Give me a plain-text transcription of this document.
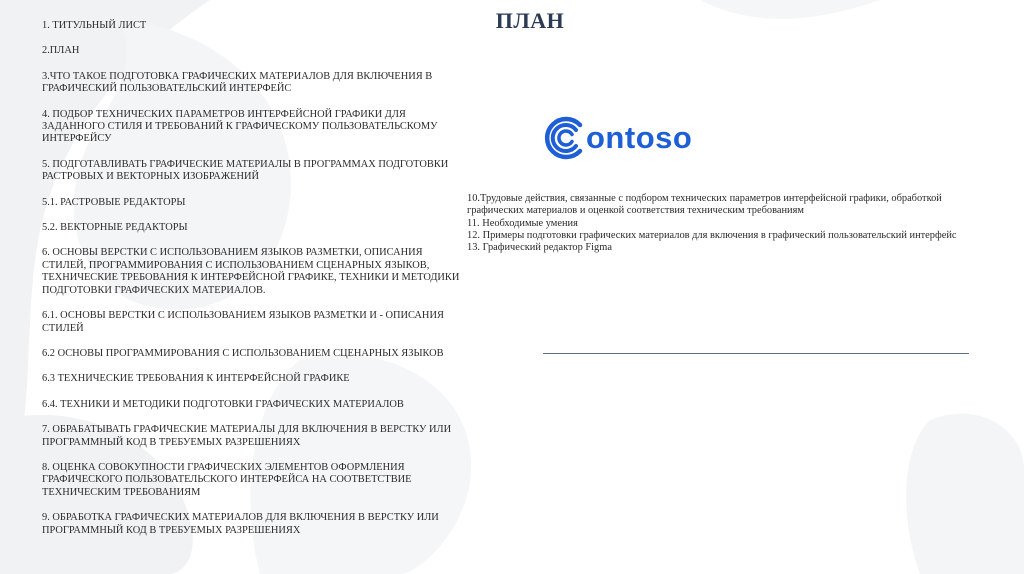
ПЛАН
1. ТИТУЛЬНЫЙ ЛИСТ
2.ПЛАН
3.ЧТО ТАКОЕ ПОДГОТОВКА ГРАФИЧЕСКИХ МАТЕРИАЛОВ ДЛЯ ВКЛЮЧЕНИЯ В ГРАФИЧЕСКИЙ ПОЛЬЗОВАТЕЛЬСКИЙ ИНТЕРФЕЙС
4. ПОДБОР ТЕХНИЧЕСКИХ ПАРАМЕТРОВ ИНТЕРФЕЙСНОЙ ГРАФИКИ ДЛЯ ЗАДАННОГО СТИЛЯ И ТРЕБОВАНИЙ К ГРАФИЧЕСКОМУ ПОЛЬЗОВАТЕЛЬСКОМУ ИНТЕРФЕЙСУ
5. ПОДГОТАВЛИВАТЬ ГРАФИЧЕСКИЕ МАТЕРИАЛЫ В ПРОГРАММАХ ПОДГОТОВКИ РАСТРОВЫХ И ВЕКТОРНЫХ ИЗОБРАЖЕНИЙ
5.1. РАСТРОВЫЕ РЕДАКТОРЫ
5.2. ВЕКТОРНЫЕ РЕДАКТОРЫ
6. ОСНОВЫ ВЕРСТКИ С ИСПОЛЬЗОВАНИЕМ ЯЗЫКОВ РАЗМЕТКИ, ОПИСАНИЯ СТИЛЕЙ, ПРОГРАММИРОВАНИЯ С ИСПОЛЬЗОВАНИЕМ СЦЕНАРНЫХ ЯЗЫКОВ, ТЕХНИЧЕСКИЕ ТРЕБОВАНИЯ К ИНТЕРФЕЙСНОЙ ГРАФИКЕ, ТЕХНИКИ И МЕТОДИКИ ПОДГОТОВКИ ГРАФИЧЕСКИХ МАТЕРИАЛОВ.
6.1. ОСНОВЫ ВЕРСТКИ С ИСПОЛЬЗОВАНИЕМ ЯЗЫКОВ РАЗМЕТКИ И - ОПИСАНИЯ СТИЛЕЙ
6.2 ОСНОВЫ ПРОГРАММИРОВАНИЯ С ИСПОЛЬЗОВАНИЕМ СЦЕНАРНЫХ ЯЗЫКОВ
6.3 ТЕХНИЧЕСКИЕ ТРЕБОВАНИЯ К ИНТЕРФЕЙСНОЙ ГРАФИКЕ
6.4. ТЕХНИКИ И МЕТОДИКИ ПОДГОТОВКИ ГРАФИЧЕСКИХ МАТЕРИАЛОВ
7. ОБРАБАТЫВАТЬ ГРАФИЧЕСКИЕ МАТЕРИАЛЫ ДЛЯ ВКЛЮЧЕНИЯ В ВЕРСТКУ ИЛИ ПРОГРАММНЫЙ КОД В ТРЕБУЕМЫХ РАЗРЕШЕНИЯХ
8. ОЦЕНКА СОВОКУПНОСТИ ГРАФИЧЕСКИХ ЭЛЕМЕНТОВ ОФОРМЛЕНИЯ ГРАФИЧЕСКОГО ПОЛЬЗОВАТЕЛЬСКОГО ИНТЕРФЕЙСА НА СООТВЕТСТВИЕ ТЕХНИЧЕСКИМ ТРЕБОВАНИЯМ
9. ОБРАБОТКА ГРАФИЧЕСКИХ МАТЕРИАЛОВ ДЛЯ ВКЛЮЧЕНИЯ В ВЕРСТКУ ИЛИ ПРОГРАММНЫЙ КОД В ТРЕБУЕМЫХ РАЗРЕШЕНИЯХ
ontoso
10.Трудовые действия, связанные с подбором технических параметров интерфейсной графики, обработкой графических материалов и оценкой соответствия техническим требованиям
11. Необходимые умения
12. Примеры подготовки графических материалов для включения в графический пользовательский интерфейс
13. Графический редактор Figma
